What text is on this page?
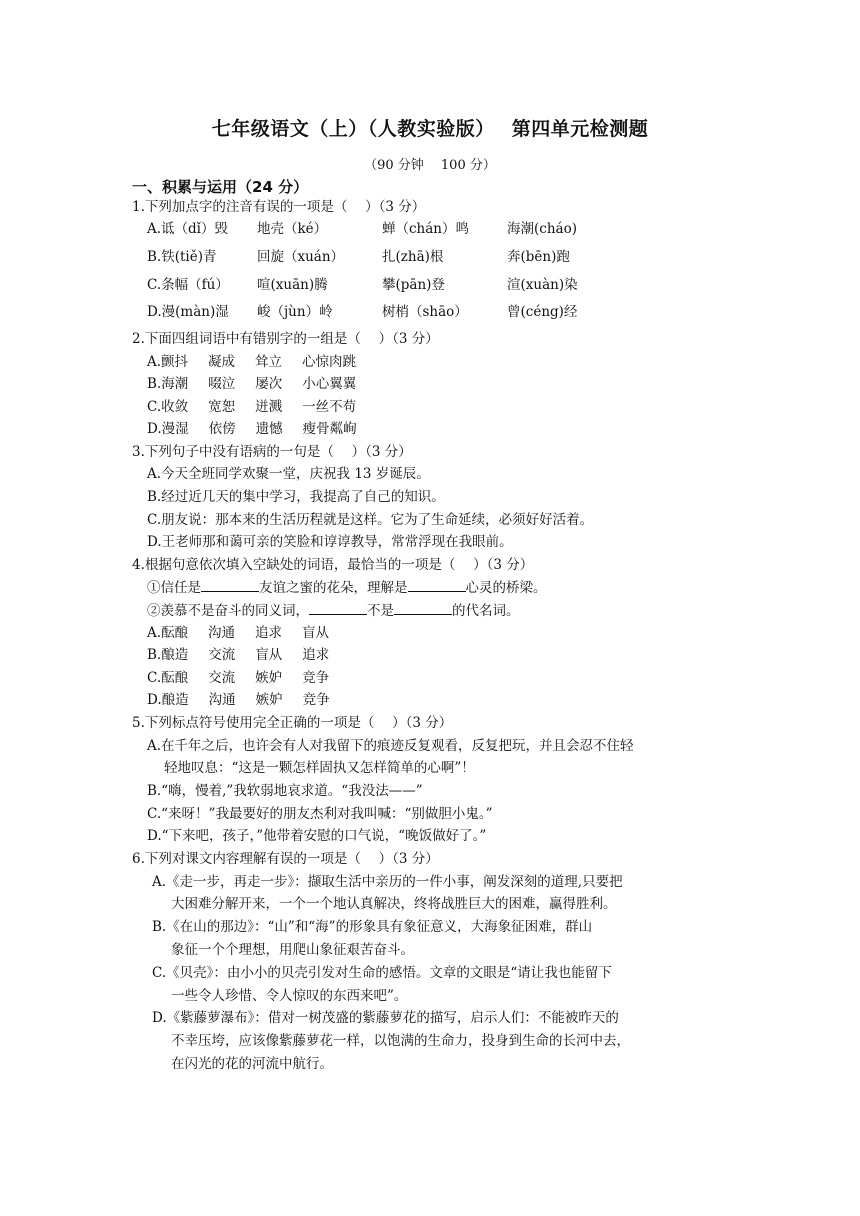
七年级语文（上）（人教实验版）　 第四单元检测题
（90 分钟　 100 分）
一、积累与运用（24 分）
1.下列加点字的注音有误的一项是（　 ）（3 分）
A.诋（dǐ）毁 地壳（ké）	蝉（chán）鸣	海潮(cháo)
B.铁(tiě)青	回旋（xuán）	扎(zhā)根	奔(bēn)跑
C.条幅（fú） 喧(xuān)腾	攀(pān)登	渲(xuàn)染
D.漫(màn)湿 峻（jùn）岭	树梢（shāo）	曾(céng)经
2.下面四组词语中有错别字的一组是（　 ）（3 分）
A.颤抖 凝成 耸立 心惊肉跳
B.海潮 啜泣 屡次 小心翼翼
C.收敛 宽恕 迸溅 一丝不苟
D.漫湿 依傍 遗憾 瘦骨粼峋
3.下列句子中没有语病的一句是（　 ）（3 分）
A.今天全班同学欢聚一堂，庆祝我 13 岁诞辰。
B.经过近几天的集中学习，我提高了自己的知识。
C.朋友说：那本来的生活历程就是这样。它为了生命延续，必须好好活着。
D.王老师那和蔼可亲的笑脸和谆谆教导，常常浮现在我眼前。
4.根据句意依次填入空缺处的词语，最恰当的一项是（　 ）（3 分）
①信任是	友谊之蜜的花朵，理解是	心灵的桥梁。
②羡慕不是奋斗的同义词，	不是	的代名词。
A.酝酿 沟通 追求 盲从
B.酿造 交流 盲从 追求
C.酝酿 交流 嫉妒 竞争
D.酿造 沟通 嫉妒 竞争
5.下列标点符号使用完全正确的一项是（　 ）（3 分）
A.在千年之后，也许会有人对我留下的痕迹反复观看，反复把玩，并且会忍不住轻
轻地叹息：“这是一颗怎样固执又怎样简单的心啊”！
B.“嗨，慢着,”我软弱地哀求道。“我没法——”
C.“来呀！”我最要好的朋友杰利对我叫喊：“别做胆小鬼。”
D.“下来吧，孩子，”他带着安慰的口气说，“晚饭做好了。”
6.下列对课文内容理解有误的一项是（　 ）（3 分）
A.《走一步，再走一步》：撷取生活中亲历的一件小事，阐发深刻的道理,只要把
大困难分解开来，一个一个地认真解决，终将战胜巨大的困难，赢得胜利。
B.《在山的那边》：“山”和“海”的形象具有象征意义，大海象征困难，群山
象征一个个理想，用爬山象征艰苦奋斗。
C.《贝壳》：由小小的贝壳引发对生命的感悟。文章的文眼是“请让我也能留下
一些令人珍惜、令人惊叹的东西来吧”。
D.《紫藤萝瀑布》：借对一树茂盛的紫藤萝花的描写，启示人们：不能被昨天的
不幸压垮，应该像紫藤萝花一样，以饱满的生命力，投身到生命的长河中去，
在闪光的花的河流中航行。
